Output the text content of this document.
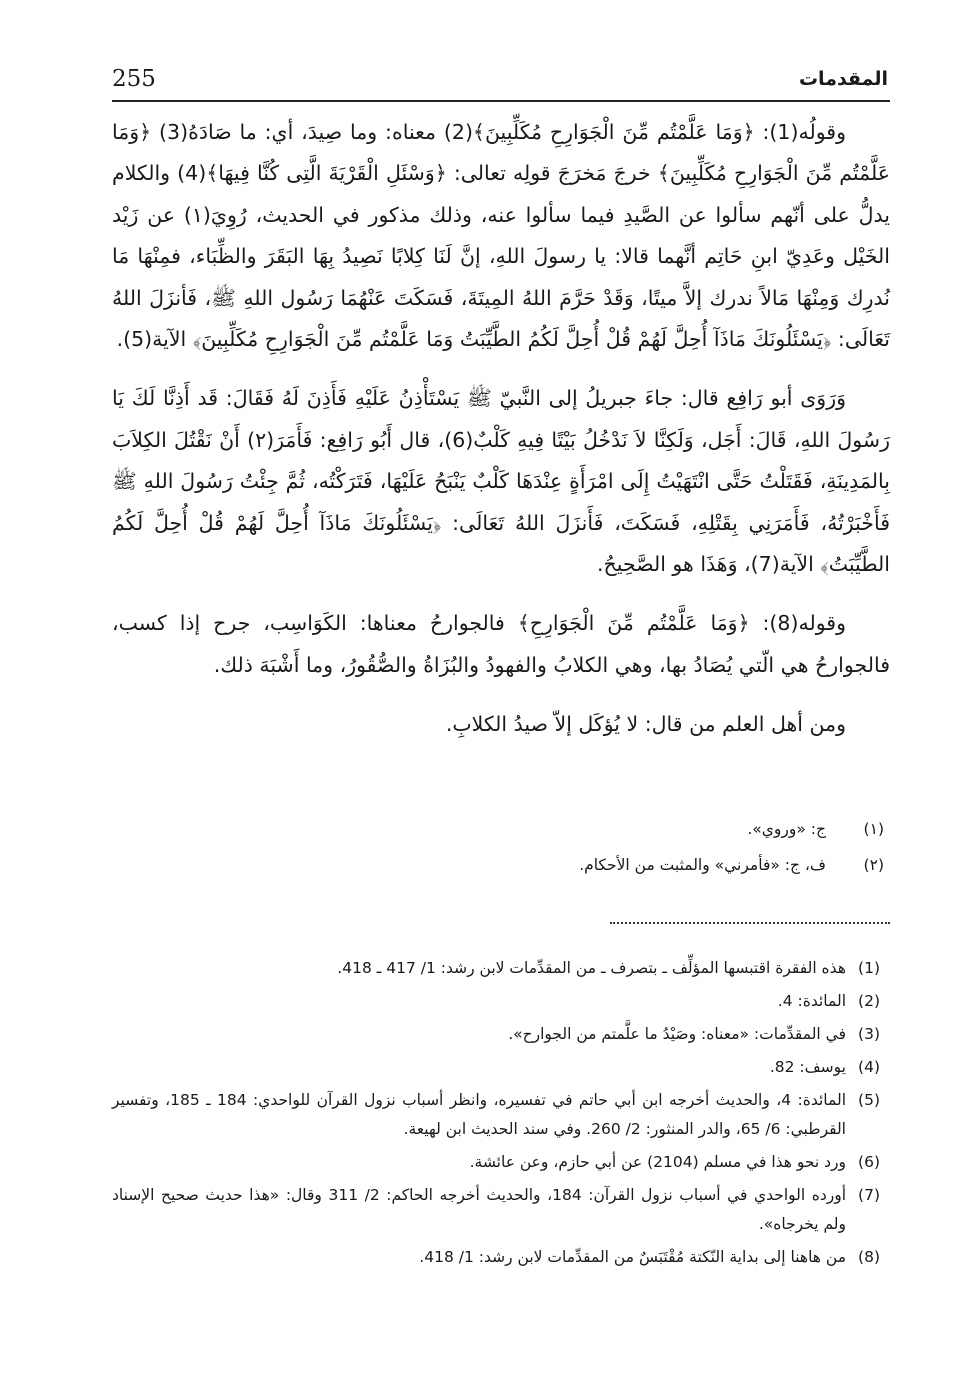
255	المقدمات

وقولُه(1): ﴿وَمَا عَلَّمْتُم مِّنَ الْجَوَارِحِ مُكَلِّبِينَ﴾(2) معناه: وما صِيدَ، أي: ما صَادَهُ(3) ﴿وَمَا عَلَّمْتُم مِّنَ الْجَوَارِحِ مُكَلِّبِينَ﴾ خرجَ مَخرَجَ قولِه تعالى: ﴿وَسْئَلِ الْقَرْيَةَ الَّتِى كُنَّا فِيهَا﴾(4) والكلام يدلُّ على أنّهم سألوا عن الصَّيدِ فيما سألوا عنه، وذلك مذكور في الحديث، رُوِيَ(١) عن زَيْد الخَيْل وعَدِيّ ابنِ حَاتِم أنَّهما قالا: يا رسولَ اللهِ، إنَّ لَنَا كِلابًا نَصِيدُ بِهَا البَقَرَ والظِّبَاء، فمِنْهَا مَا نُدرِك وَمِنْهَا مَالاً ندرك إلاَّ ميتًا، وَقَدْ حَرَّمَ اللهُ المِيتَةَ، فَسَكَتَ عَنْهُمَا رَسُول اللهِ ﷺ، فَأنزَلَ اللهُ تَعَالَى: ﴿يَسْئَلُونَكَ مَاذَآ أُحِلَّ لَهُمْ قُلْ أُحِلَّ لَكُمُ الطَّيِّبَتُ وَمَا عَلَّمْتُم مِّنَ الْجَوَارِحِ مُكَلِّبِينَ﴾ الآية(5).

وَرَوَى أبو رَافِع قال: جاءَ جبريلُ إلى النَّبيّ ﷺ يَسْتَأْذِنُ عَلَيْهِ فَأَذِنَ لَهُ فَقَالَ: قَد أَذِنَّا لَكَ يَا رَسُولَ اللهِ، قَالَ: أَجَل، وَلَكِنَّا لاَ نَدْخُلُ بَيْتًا فِيهِ كَلْبٌ(6)، قال أَبُو رَافِع: فَأَمَرَ(٢) أَنْ نَقْتُلَ الكِلاَبَ بِالمَدِينَةِ، فَقَتَلْتُ حَتَّى انْتَهَيْتُ إِلَى امْرَأَةٍ عِنْدَهَا كَلْبٌ يَنْبَحُ عَلَيْهَا، فَتَرَكْتُه، ثُمَّ جِئْتُ رَسُولَ اللهِ ﷺ فَأَخْبَرْتُهُ، فَأَمَرَنِي بِقَتْلِهِ، فَسَكَتَ، فَأَنزَلَ اللهُ تَعَالَى: ﴿يَسْئَلُونَكَ مَاذَآ أُحِلَّ لَهُمْ قُلْ أُحِلَّ لَكُمُ الطَّيِّبَتُ﴾ الآية(7)، وَهَذَا هو الصَّحِيحُ.

وقوله(8): ﴿وَمَا عَلَّمْتُم مِّنَ الْجَوَارِحِ﴾ فالجوارحُ معناها: الكَوَاسِب، جرح إذا كسب، فالجوارحُ هي الّتي يُصَادُ بها، وهي الكلابُ والفهودُ والبُزَاةُ والصُّقُورُ، وما أَشْبَهَ ذلك.

ومن أهل العلم من قال: لا يُؤكَل إلاّ صيدُ الكلابِ.

(١)
ج: «وروي».
(٢)
ف، ج: «فأمرني» والمثبت من الأحكام.
(1)
هذه الفقرة اقتبسها المؤلِّف ـ بتصرف ـ من المقدِّمات لابن رشد: 1/ 417 ـ 418.
(2)
المائدة: 4.
(3)
في المقدِّمات: «معناه: وصَيْدُ ما علَّمتم من الجوارح».
(4)
يوسف: 82.
(5)
المائدة: 4، والحديث أخرجه ابن أبي حاتم في تفسيره، وانظر أسباب نزول القرآن للواحدي: 184 ـ 185، وتفسير القرطبي: 6/ 65، والدر المنثور: 2/ 260. وفي سند الحديث ابن لهيعة.
(6)
ورد نحو هذا في مسلم (2104) عن أبي حازم، وعن عائشة.
(7)
أورده الواحدي في أسباب نزول القرآن: 184، والحديث أخرجه الحاكم: 2/ 311 وقال: «هذا حديث صحيح الإسناد ولم يخرجاه».
(8)
من هاهنا إلى بداية النّكتة مُقْتَبَسٌ من المقدِّمات لابن رشد: 1/ 418.
